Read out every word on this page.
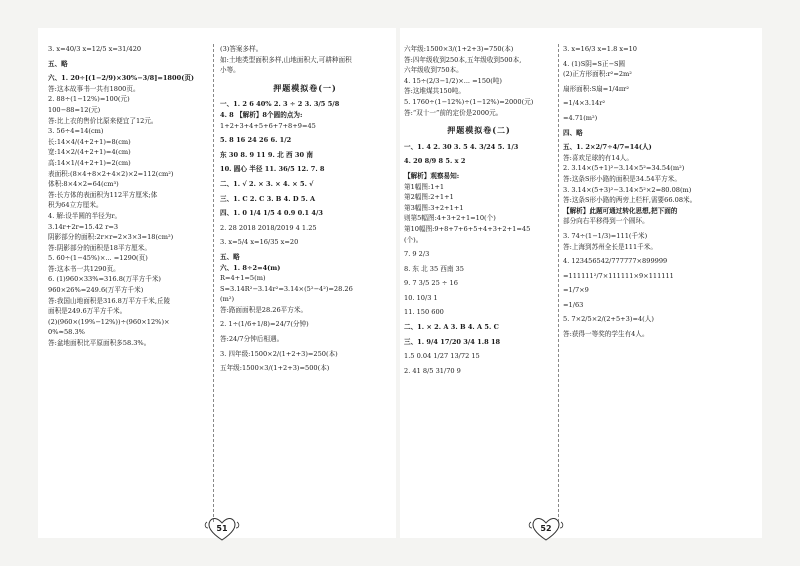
3. x=40/3 x=12/5 x=31/420
五、略
六、1. 20÷[(1−2/9)×30%−3/8]=1800(页)
答:这本故事书一共有1800页。
2. 88÷(1−12%)=100(元)
100−88=12(元)
答:比上衣的售价比原来便宜了12元。
3. 56÷4=14(cm)
长:14×4/(4+2+1)=8(cm)
宽:14×2/(4+2+1)=4(cm)
高:14×1/(4+2+1)=2(cm)
表面积:(8×4+8×2+4×2)×2=112(cm²)
体积:8×4×2=64(cm³)
答:长方体的表面积为112平方厘米;体
积为64立方厘米。
4. 解:设半圆的半径为r。
3.14r+2r=15.42 r=3
阴影部分的面积:2r×r=2×3×3=18(cm²)
答:阴影部分的面积是18平方厘米。
5. 60÷(1−45%)×... =1290(页)
答:这本书一共1290页。
6. (1)960×33%=316.8(万平方千米)
960×26%=249.6(万平方千米)
答:我国山地面积是316.8万平方千米,丘陵
面积是249.6万平方千米。
(2)(960×(19%−12%))÷(960×12%)×
0%≈58.3%
答:盆地面积比平原面积多58.3%。
(3)答案多样。
如:土地类型面积多样,山地面积大,可耕种面积
小等。
押题模拟卷(一)
一、1. 2 6 40% 2. 3 ÷ 2 3. 3/5 5/8
4. 8 【解析】8个圆的点为:
1+2+3+4+5+6+7+8+9=45
5. 8 16 24 26 6. 1/2
东 30 8. 9 11 9. 北 西 30 南
10. 圆心 半径 11. 36/5 12. 7. 8
二、1. √ 2. × 3. × 4. × 5. √
三、1. C 2. C 3. B 4. D 5. A
四、1. 0 1/4 1/5 4 0.9 0.1 4/3
2. 28 2018 2018/2019 4 1.25
3. x=5/4 x=16/35 x=20
五、略
六、1. 8÷2=4(m)
R=4+1=5(m)
S=3.14R²−3.14r²=3.14×(5²−4²)=28.26
(m²)
答:路面面积是28.26平方米。
2. 1÷(1/6+1/8)=24/7(分钟)
答:24/7分钟后相遇。
3. 四年级:1500×2/(1+2+3)=250(本)
五年级:1500×3/(1+2+3)=500(本)
六年级:1500×3/(1+2+3)=750(本)
答:四年级收到250本,五年级收到500本,
六年级收到750本。
4. 15÷(2/3−1/2)×... =150(吨)
答:这堆煤共150吨。
5. 1760÷(1−12%)÷(1−12%)=2000(元)
答:“双十一”前的定价是2000元。
押题模拟卷(二)
一、1. 4 2. 30 3. 5 4. 3/24 5. 1/3
4. 20 8/9 8 5. x 2
【解析】观察易知:
第1幅图:1+1
第2幅图:2+1+1
第3幅图:3+2+1+1
则第5幅图:4+3+2+1=10(个)
第10幅图:9+8+7+6+5+4+3+2+1=45
(个)。
7. 9 2/3
8. 东 北 35 西南 35
9. 7 3/5 25 ÷ 16
10. 10/3 1
11. 150 600
二、1. × 2. A 3. B 4. A 5. C
三、1. 9/4 17/20 3/4 1.8 18
1.5 0.04 1/27 13/72 15
2. 41 8/5 31/70 9
3. x=16/3 x=1.8 x=10
4. (1)S阴=S正−S圆
(2)正方形面积:r²=2m²
扇形面积:S扇=1/4πr²
=1/4×3.14r²
=4.71(m²)
四、略
五、1. 2×2/7÷4/7=14(人)
答:喜欢足球的有14人。
2. 3.14×(5+1)²−3.14×5²=34.54(m²)
答:这条S形小路的面积是34.54平方米。
3. 3.14×(5+3)²−3.14×5²×2=80.08(m)
答:这条S形小路的两旁上栏杆,需要66.08米。
【解析】此题可通过转化思想,把下面的
部分向右平移得到一个圆环。
3. 74÷(1−1/3)=111(千米)
答:上海到苏州全长是111千米。
4. 123456542/777777×899999
=111111²/7×111111×9×111111
=1/7×9
=1/63
5. 7×2/5×2/(2+5+3)=4(人)
答:获得一等奖的学生有4人。
51	52
